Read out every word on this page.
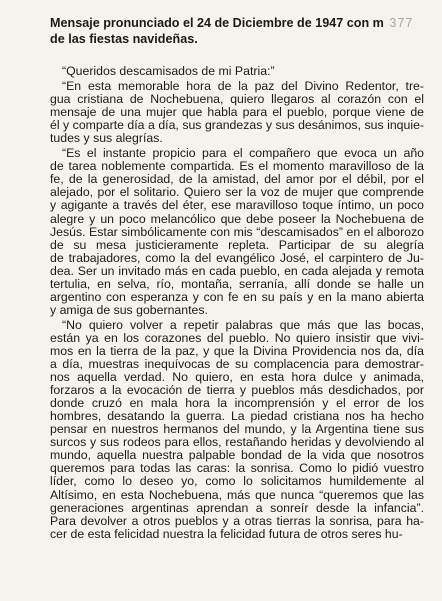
Mensaje pronunciado el 24 de Diciembre de 1947 con m 377
de las fiestas navideñas.
“Queridos descamisados de mi Patria:”
“En esta memorable hora de la paz del Divino Redentor, tre-
gua cristiana de Nochebuena, quiero llegaros al corazón con el
mensaje de una mujer que habla para el pueblo, porque viene de
él y comparte día a día, sus grandezas y sus desánimos, sus inquie-
tudes y sus alegrías.
“Es el instante propicio para el compañero que evoca un año
de tarea noblemente compartida. Es el momento maravilloso de la
fe, de la generosidad, de la amistad, del amor por el débil, por el
alejado, por el solitario. Quiero ser la voz de mujer que comprende
y agigante a través del éter, ese maravilloso toque íntimo, un poco
alegre y un poco melancólico que debe poseer la Nochebuena de
Jesús. Estar simbólicamente con mis “descamisados” en el alborozo
de su mesa justicieramente repleta. Participar de su alegría
de trabajadores, como la del evangélico José, el carpintero de Ju-
dea. Ser un invitado más en cada pueblo, en cada alejada y remota
tertulia, en selva, río, montaña, serranía, allí donde se halle un
argentino con esperanza y con fe en su país y en la mano abierta
y amiga de sus gobernantes.
“No quiero volver a repetir palabras que más que las bocas,
están ya en los corazones del pueblo. No quiero insistir que vivi-
mos en la tierra de la paz, y que la Divina Providencia nos da, día
a día, muestras inequívocas de su complacencia para demostrar-
nos aquella verdad. No quiero, en esta hora dulce y animada,
forzaros a la evocación de tierra y pueblos más desdichados, por
donde cruzó en mala hora la incomprensión y el error de los
hombres, desatando la guerra. La piedad cristiana nos ha hecho
pensar en nuestros hermanos del mundo, y la Argentina tiene sus
surcos y sus rodeos para ellos, restañando heridas y devolviendo al
mundo, aquella nuestra palpable bondad de la vida que nosotros
queremos para todas las caras: la sonrisa. Como lo pidió vuestro
líder, como lo deseo yo, como lo solicitamos humildemente al
Altísimo, en esta Nochebuena, más que nunca “queremos que las
generaciones argentinas aprendan a sonreír desde la infancia”.
Para devolver a otros pueblos y a otras tierras la sonrisa, para ha-
cer de esta felicidad nuestra la felicidad futura de otros seres hu-
